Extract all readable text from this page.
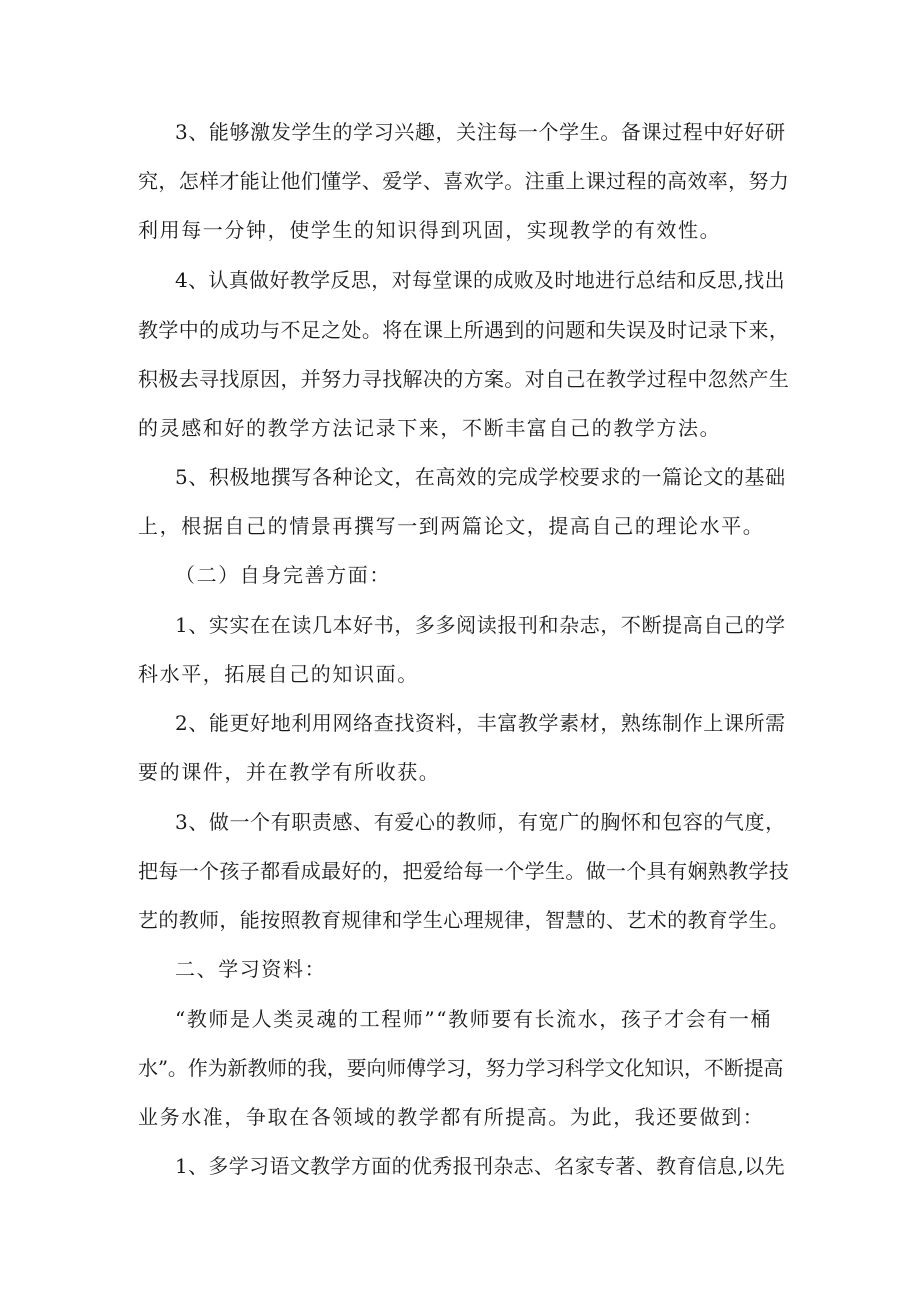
3、能够激发学生的学习兴趣，关注每一个学生。备课过程中好好研
究，怎样才能让他们懂学、爱学、喜欢学。注重上课过程的高效率，努力
利用每一分钟，使学生的知识得到巩固，实现教学的有效性。
4、认真做好教学反思，对每堂课的成败及时地进行总结和反思,找出
教学中的成功与不足之处。将在课上所遇到的问题和失误及时记录下来，
积极去寻找原因，并努力寻找解决的方案。对自己在教学过程中忽然产生
的灵感和好的教学方法记录下来，不断丰富自己的教学方法。
5、积极地撰写各种论文，在高效的完成学校要求的一篇论文的基础
上，根据自己的情景再撰写一到两篇论文，提高自己的理论水平。
（二）自身完善方面：
1、实实在在读几本好书，多多阅读报刊和杂志，不断提高自己的学
科水平，拓展自己的知识面。
2、能更好地利用网络查找资料，丰富教学素材，熟练制作上课所需
要的课件，并在教学有所收获。
3、做一个有职责感、有爱心的教师，有宽广的胸怀和包容的气度，
把每一个孩子都看成最好的，把爱给每一个学生。做一个具有娴熟教学技
艺的教师，能按照教育规律和学生心理规律，智慧的、艺术的教育学生。
二、学习资料：
“教师是人类灵魂的工程师”“教师要有长流水，孩子才会有一桶
水”。作为新教师的我，要向师傅学习，努力学习科学文化知识，不断提高
业务水准，争取在各领域的教学都有所提高。为此，我还要做到：
1、多学习语文教学方面的优秀报刊杂志、名家专著、教育信息,以先
